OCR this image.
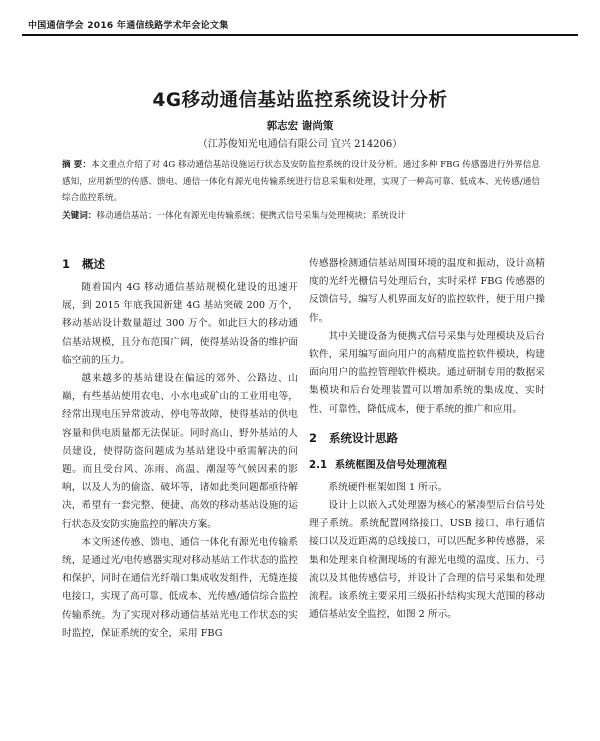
中国通信学会 2016 年通信线路学术年会论文集
4G移动通信基站监控系统设计分析
郭志宏 谢尚策
（江苏俊知光电通信有限公司 宜兴 214206）
摘 要：本文重点介绍了对 4G 移动通信基站设施运行状态及安防监控系统的设计及分析。通过多种 FBG 传感器进行外界信息感知，应用新型的传感、馈电、通信一体化有源光电传输系统进行信息采集和处理，实现了一种高可靠、低成本、光传感/通信综合监控系统。
关键词：移动通信基站；一体化有源光电传输系统；便携式信号采集与处理模块；系统设计
1 概述

随着国内 4G 移动通信基站规模化建设的迅速开展，到 2015 年底我国新建 4G 基站突破 200 万个，移动基站设计数量超过 300 万个。如此巨大的移动通信基站规模，且分布范围广阔，使得基站设备的维护面临空前的压力。

越来越多的基站建设在偏远的郊外、公路边、山巅，有些基站使用农电、小水电或矿山的工业用电等，经常出现电压异常波动、停电等故障，使得基站的供电容量和供电质量都无法保证。同时高山、野外基站的人员建设，使得防盗问题成为基站建设中亟需解决的问题。而且受台风、冻雨、高温、潮湿等气候因素的影响，以及人为的偷盗、破坏等，诸如此类问题都亟待解决，希望有一套完整、便捷、高效的移动基站设施的运行状态及安防实施监控的解决方案。

本文所述传感、馈电、通信一体化有源光电传输系统，是通过光/电传感器实现对移动基站工作状态的监控和保护，同时在通信光纤端口集成收发组件，无缝连接电接口，实现了高可靠、低成本、光传感/通信综合监控传输系统。为了实现对移动通信基站光电工作状态的实时监控，保证系统的安全，采用 FBG

传感器检测通信基站周围环境的温度和振动，设计高精度的光纤光栅信号处理后台，实时采样 FBG 传感器的反馈信号，编写人机界面友好的监控软件，便于用户操作。

其中关键设备为便携式信号采集与处理模块及后台软件，采用编写面向用户的高精度监控软件模块，构建面向用户的监控管理软件模块。通过研制专用的数据采集模块和后台处理装置可以增加系统的集成度、实时性、可靠性，降低成本，便于系统的推广和应用。

2 系统设计思路
2.1 系统框图及信号处理流程

系统硬件框架如图 1 所示。

设计上以嵌入式处理器为核心的紧凑型后台信号处理子系统。系统配置网络接口、USB 接口、串行通信接口以及近距离的总线接口，可以匹配多种传感器，采集和处理来自检测现场的有源光电缆的温度、压力、弓流以及其他传感信号，并设计了合理的信号采集和处理流程。该系统主要采用三级拓扑结构实现大范围的移动通信基站安全监控，如图 2 所示。
